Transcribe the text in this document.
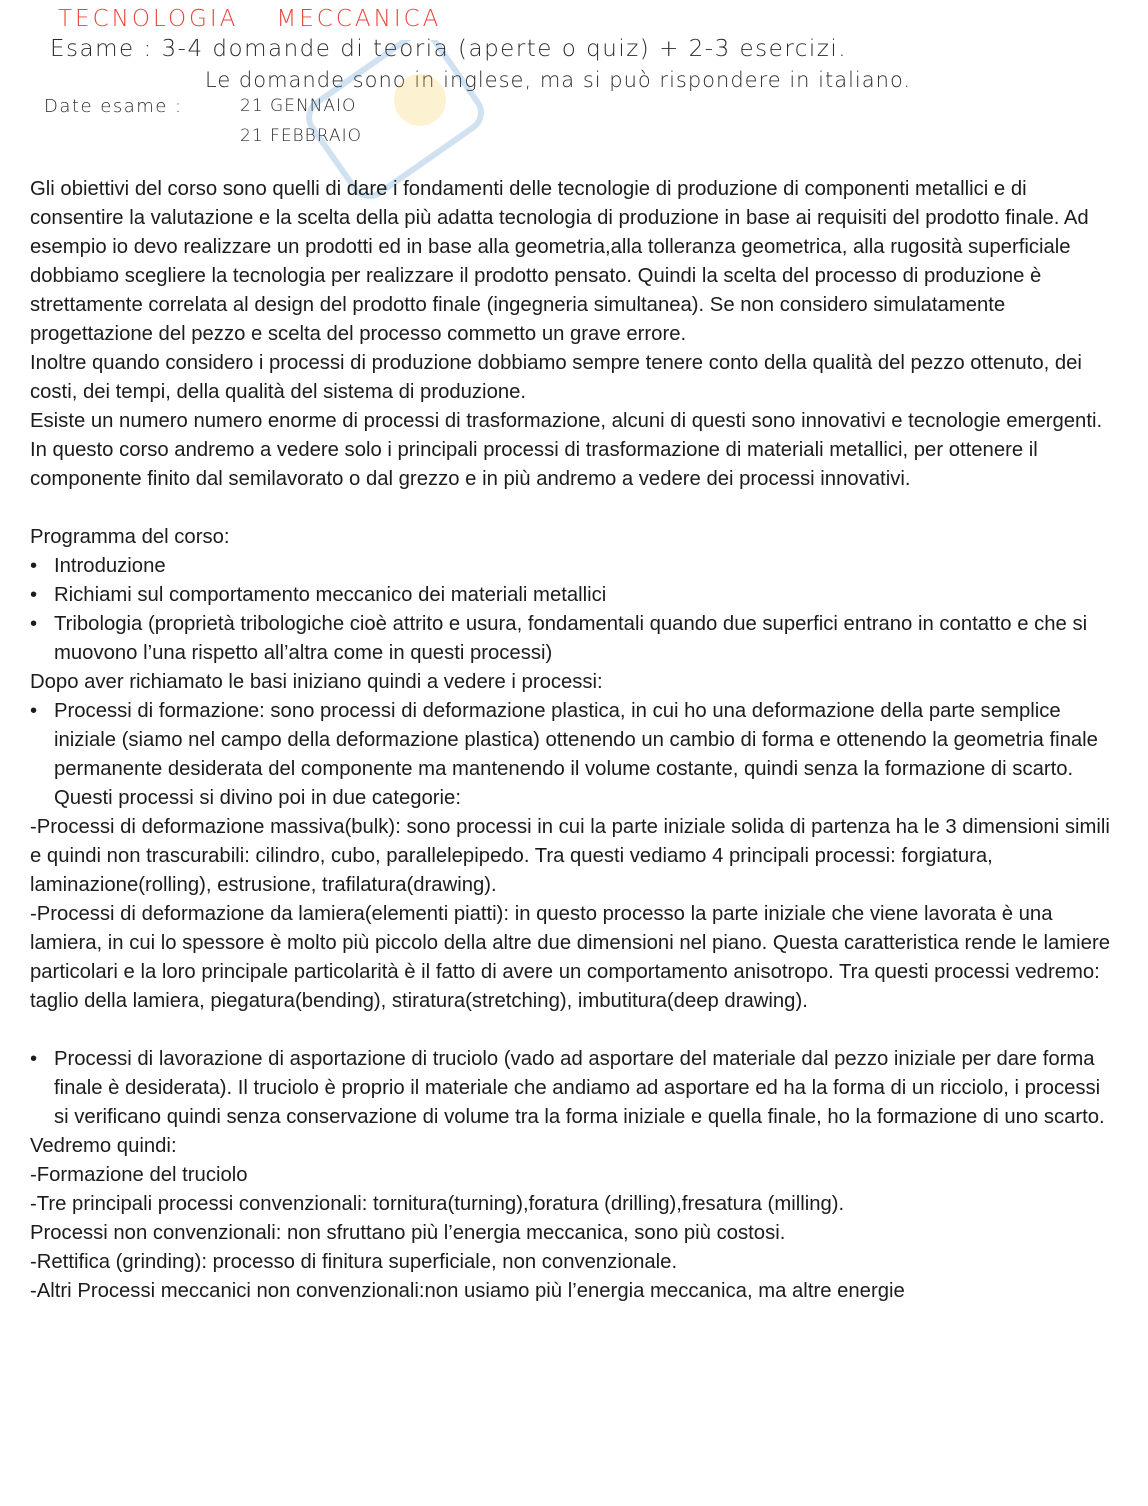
TECNOLOGIA MECCANICA
Esame : 3-4 domande di teoria (aperte o quiz) + 2-3 esercizi.
Le domande sono in inglese, ma si può rispondere in italiano.
Date esame :	21 GENNAIO
21 FEBBRAIO

Gli obiettivi del corso sono quelli di dare i fondamenti delle tecnologie di produzione di componenti metallici e di consentire la valutazione e la scelta della più adatta tecnologia di produzione in base ai requisiti del prodotto finale. Ad esempio io devo realizzare un prodotti ed in base alla geometria,alla tolleranza geometrica, alla rugosità superficiale dobbiamo scegliere la tecnologia per realizzare il prodotto pensato. Quindi la scelta del processo di produzione è strettamente correlata al design del prodotto finale (ingegneria simultanea). Se non considero simulatamente progettazione del pezzo e scelta del processo commetto un grave errore.

Inoltre quando considero i processi di produzione dobbiamo sempre tenere conto della qualità del pezzo ottenuto, dei costi, dei tempi, della qualità del sistema di produzione.

Esiste un numero numero enorme di processi di trasformazione, alcuni di questi sono innovativi e tecnologie emergenti.

In questo corso andremo a vedere solo i principali processi di trasformazione di materiali metallici, per ottenere il componente finito dal semilavorato o dal grezzo e in più andremo a vedere dei processi innovativi.

Programma del corso:

• Introduzione

• Richiami sul comportamento meccanico dei materiali metallici

• Tribologia (proprietà tribologiche cioè attrito e usura, fondamentali quando due superfici entrano in contatto e che si muovono l’una rispetto all’altra come in questi processi)

Dopo aver richiamato le basi iniziano quindi a vedere i processi:

• Processi di formazione: sono processi di deformazione plastica, in cui ho una deformazione della parte semplice iniziale (siamo nel campo della deformazione plastica) ottenendo un cambio di forma e ottenendo la geometria finale permanente desiderata del componente ma mantenendo il volume costante, quindi senza la formazione di scarto. Questi processi si divino poi in due categorie:

-Processi di deformazione massiva(bulk): sono processi in cui la parte iniziale solida di partenza ha le 3 dimensioni simili e quindi non trascurabili: cilindro, cubo, parallelepipedo. Tra questi vediamo 4 principali processi: forgiatura, laminazione(rolling), estrusione, trafilatura(drawing).

-Processi di deformazione da lamiera(elementi piatti): in questo processo la parte iniziale che viene lavorata è una lamiera, in cui lo spessore è molto più piccolo della altre due dimensioni nel piano. Questa caratteristica rende le lamiere particolari e la loro principale particolarità è il fatto di avere un comportamento anisotropo. Tra questi processi vedremo: taglio della lamiera, piegatura(bending), stiratura(stretching), imbutitura(deep drawing).

• Processi di lavorazione di asportazione di truciolo (vado ad asportare del materiale dal pezzo iniziale per dare forma finale è desiderata). Il truciolo è proprio il materiale che andiamo ad asportare ed ha la forma di un ricciolo, i processi si verificano quindi senza conservazione di volume tra la forma iniziale e quella finale, ho la formazione di uno scarto.

Vedremo quindi:

-Formazione del truciolo

-Tre principali processi convenzionali: tornitura(turning),foratura (drilling),fresatura (milling).

Processi non convenzionali: non sfruttano più l’energia meccanica, sono più costosi.

-Rettifica (grinding): processo di finitura superficiale, non convenzionale.

-Altri Processi meccanici non convenzionali:non usiamo più l’energia meccanica, ma altre energie
